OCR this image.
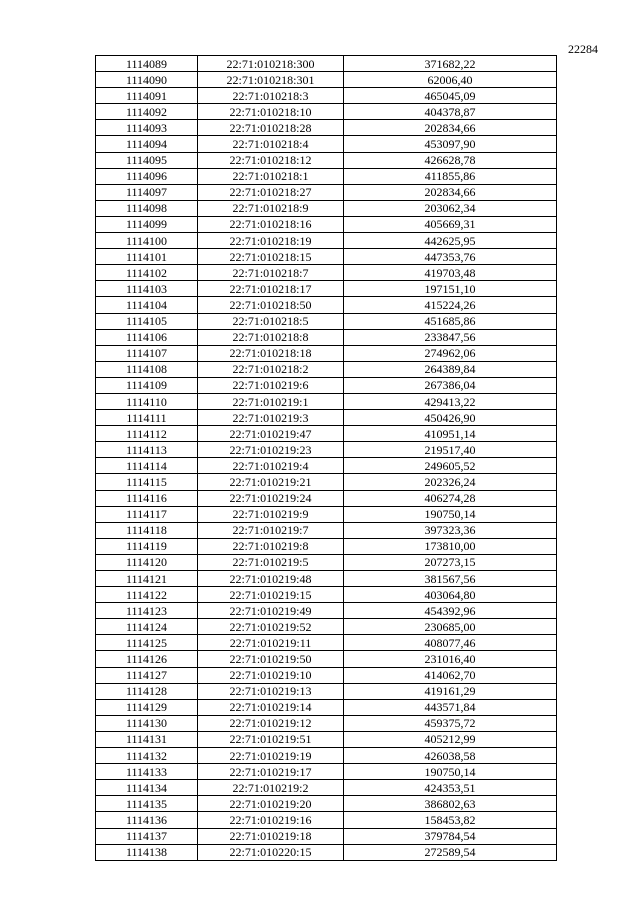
22284
1114089	22:71:010218:300	371682,22
1114090	22:71:010218:301	62006,40
1114091	22:71:010218:3	465045,09
1114092	22:71:010218:10	404378,87
1114093	22:71:010218:28	202834,66
1114094	22:71:010218:4	453097,90
1114095	22:71:010218:12	426628,78
1114096	22:71:010218:1	411855,86
1114097	22:71:010218:27	202834,66
1114098	22:71:010218:9	203062,34
1114099	22:71:010218:16	405669,31
1114100	22:71:010218:19	442625,95
1114101	22:71:010218:15	447353,76
1114102	22:71:010218:7	419703,48
1114103	22:71:010218:17	197151,10
1114104	22:71:010218:50	415224,26
1114105	22:71:010218:5	451685,86
1114106	22:71:010218:8	233847,56
1114107	22:71:010218:18	274962,06
1114108	22:71:010218:2	264389,84
1114109	22:71:010219:6	267386,04
1114110	22:71:010219:1	429413,22
1114111	22:71:010219:3	450426,90
1114112	22:71:010219:47	410951,14
1114113	22:71:010219:23	219517,40
1114114	22:71:010219:4	249605,52
1114115	22:71:010219:21	202326,24
1114116	22:71:010219:24	406274,28
1114117	22:71:010219:9	190750,14
1114118	22:71:010219:7	397323,36
1114119	22:71:010219:8	173810,00
1114120	22:71:010219:5	207273,15
1114121	22:71:010219:48	381567,56
1114122	22:71:010219:15	403064,80
1114123	22:71:010219:49	454392,96
1114124	22:71:010219:52	230685,00
1114125	22:71:010219:11	408077,46
1114126	22:71:010219:50	231016,40
1114127	22:71:010219:10	414062,70
1114128	22:71:010219:13	419161,29
1114129	22:71:010219:14	443571,84
1114130	22:71:010219:12	459375,72
1114131	22:71:010219:51	405212,99
1114132	22:71:010219:19	426038,58
1114133	22:71:010219:17	190750,14
1114134	22:71:010219:2	424353,51
1114135	22:71:010219:20	386802,63
1114136	22:71:010219:16	158453,82
1114137	22:71:010219:18	379784,54
1114138	22:71:010220:15	272589,54
